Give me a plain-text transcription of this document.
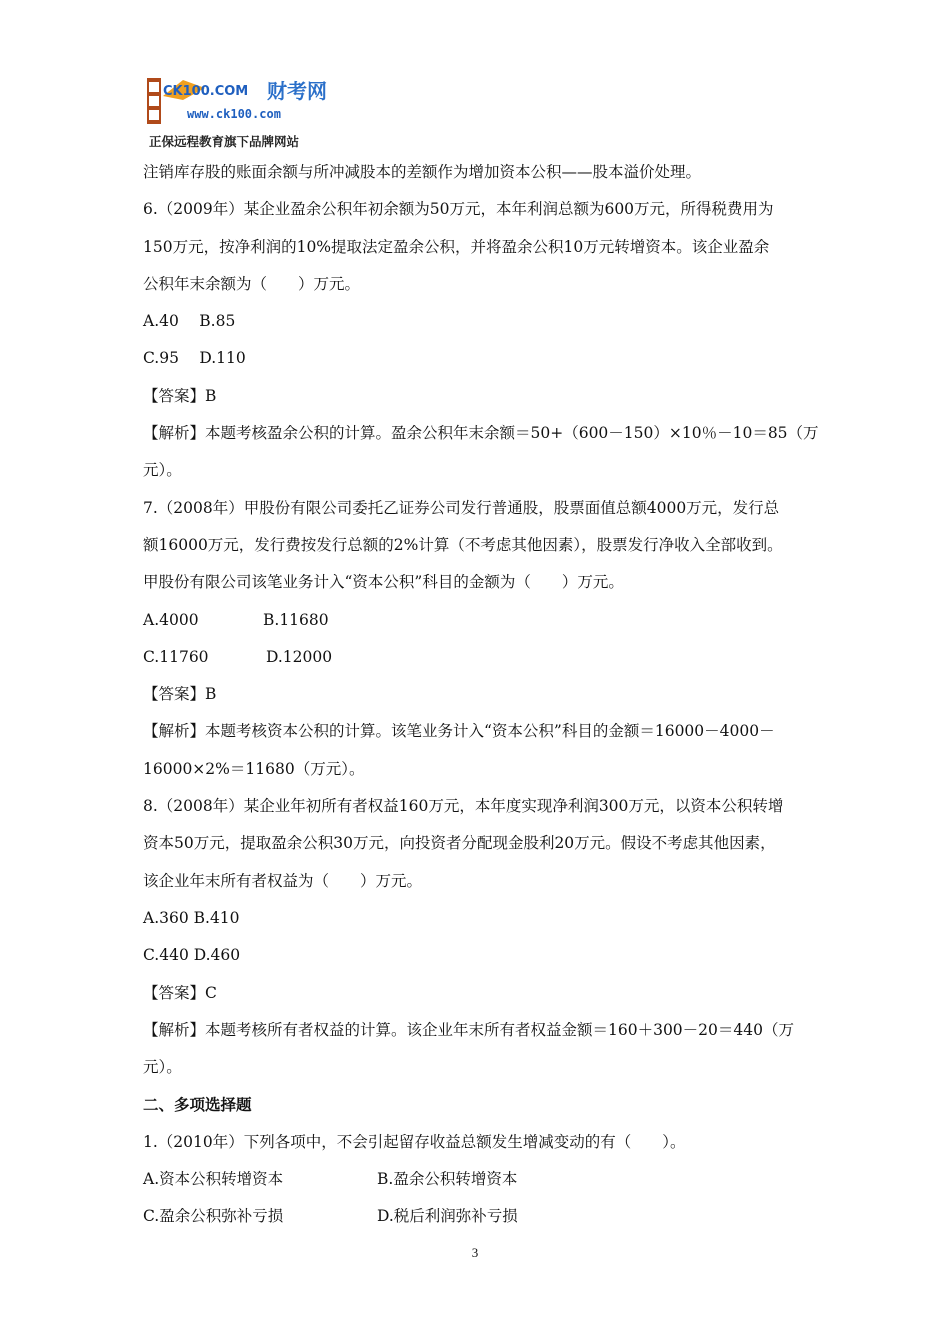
CK100.COM 财考网
www.ck100.com
正保远程教育旗下品牌网站
注销库存股的账面余额与所冲减股本的差额作为增加资本公积——股本溢价处理。
6.（2009年）某企业盈余公积年初余额为50万元，本年利润总额为600万元，所得税费用为
150万元，按净利润的10%提取法定盈余公积，并将盈余公积10万元转增资本。该企业盈余
公积年末余额为（　　）万元。
A.40　 B.85
C.95　 D.110
【答案】B
【解析】本题考核盈余公积的计算。盈余公积年末余额＝50+（600－150）×10％－10＝85（万
元）。
7.（2008年）甲股份有限公司委托乙证券公司发行普通股，股票面值总额4000万元，发行总
额16000万元，发行费按发行总额的2%计算（不考虑其他因素），股票发行净收入全部收到。
甲股份有限公司该笔业务计入“资本公积”科目的金额为（　　）万元。
A.4000	B.11680
C.11760	D.12000
【答案】B
【解析】本题考核资本公积的计算。该笔业务计入“资本公积”科目的金额＝16000－4000－
16000×2%＝11680（万元）。
8.（2008年）某企业年初所有者权益160万元，本年度实现净利润300万元，以资本公积转增
资本50万元，提取盈余公积30万元，向投资者分配现金股利20万元。假设不考虑其他因素，
该企业年末所有者权益为（　　）万元。
A.360 B.410
C.440 D.460
【答案】C
【解析】本题考核所有者权益的计算。该企业年末所有者权益金额＝160＋300－20＝440（万
元）。
二、多项选择题
1.（2010年）下列各项中，不会引起留存收益总额发生增减变动的有（　　）。
A.资本公积转增资本	B.盈余公积转增资本
C.盈余公积弥补亏损	D.税后利润弥补亏损
3
